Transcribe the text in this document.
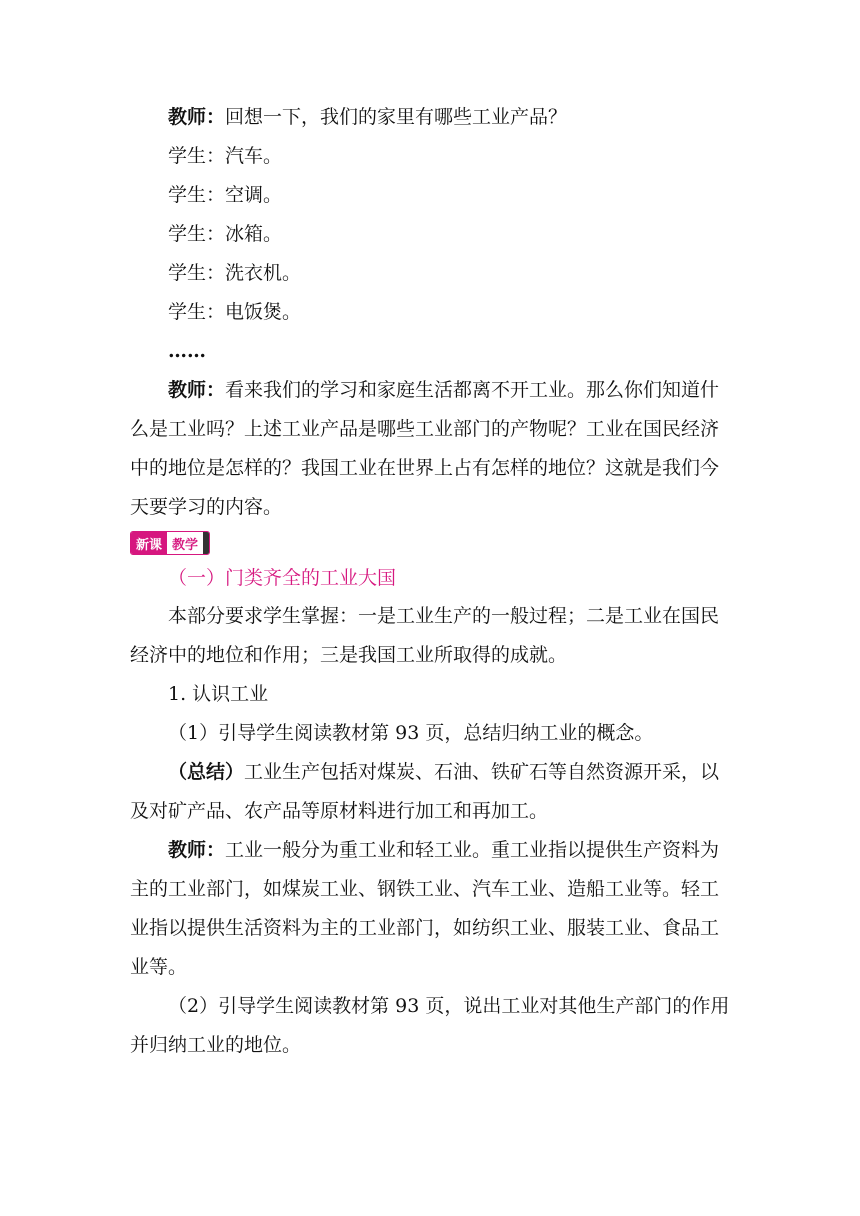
教师：回想一下，我们的家里有哪些工业产品？

学生：汽车。

学生：空调。

学生：冰箱。

学生：洗衣机。

学生：电饭煲。

……

教师：看来我们的学习和家庭生活都离不开工业。那么你们知道什么是工业吗？上述工业产品是哪些工业部门的产物呢？工业在国民经济中的地位是怎样的？我国工业在世界上占有怎样的地位？这就是我们今天要学习的内容。

新课 教学

（一）门类齐全的工业大国

本部分要求学生掌握：一是工业生产的一般过程；二是工业在国民经济中的地位和作用；三是我国工业所取得的成就。

1. 认识工业

（1）引导学生阅读教材第 93 页，总结归纳工业的概念。

（总结）工业生产包括对煤炭、石油、铁矿石等自然资源开采，以及对矿产品、农产品等原材料进行加工和再加工。

教师：工业一般分为重工业和轻工业。重工业指以提供生产资料为主的工业部门，如煤炭工业、钢铁工业、汽车工业、造船工业等。轻工业指以提供生活资料为主的工业部门，如纺织工业、服装工业、食品工业等。

（2）引导学生阅读教材第 93 页，说出工业对其他生产部门的作用并归纳工业的地位。
